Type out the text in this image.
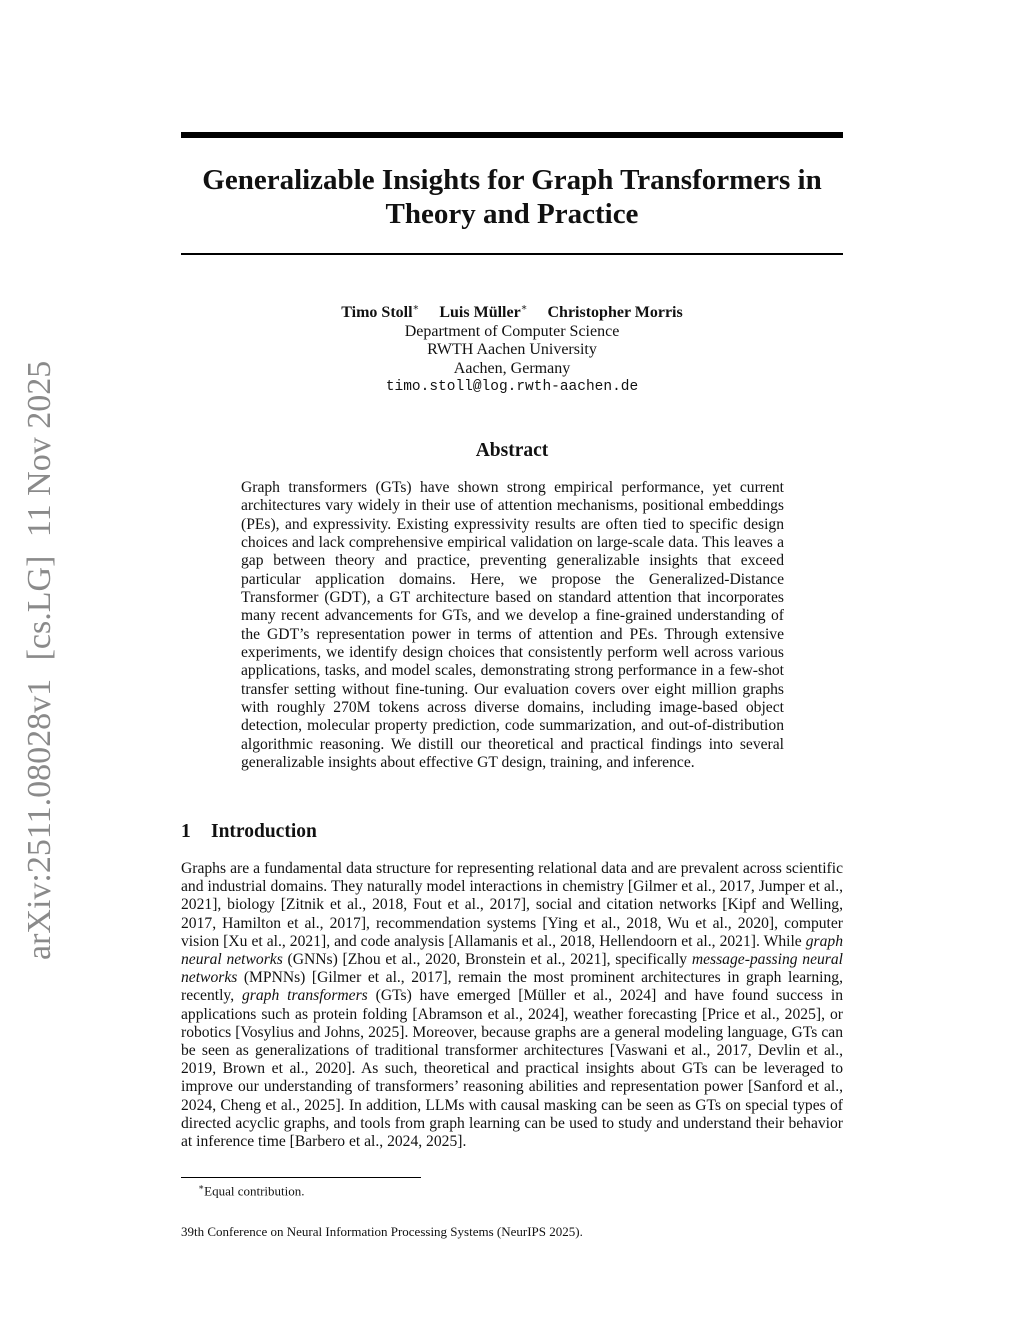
arXiv:2511.08028v1 [cs.LG] 11 Nov 2025
Generalizable Insights for Graph Transformers in Theory and Practice
Timo Stoll∗ Luis Müller∗ Christopher Morris
Department of Computer Science
RWTH Aachen University
Aachen, Germany
timo.stoll@log.rwth-aachen.de
Abstract
Graph transformers (GTs) have shown strong empirical performance, yet current architectures vary widely in their use of attention mechanisms, positional embeddings (PEs), and expressivity. Existing expressivity results are often tied to specific design choices and lack comprehensive empirical validation on large-scale data. This leaves a gap between theory and practice, preventing generalizable insights that exceed particular application domains. Here, we propose the Generalized-Distance Transformer (GDT), a GT architecture based on standard attention that incorporates many recent advancements for GTs, and we develop a fine-grained understanding of the GDT’s representation power in terms of attention and PEs. Through extensive experiments, we identify design choices that consistently perform well across various applications, tasks, and model scales, demonstrating strong performance in a few-shot transfer setting without fine-tuning. Our evaluation covers over eight million graphs with roughly 270M tokens across diverse domains, including image-based object detection, molecular property prediction, code summarization, and out-of-distribution algorithmic reasoning. We distill our theoretical and practical findings into several generalizable insights about effective GT design, training, and inference.
1 Introduction
Graphs are a fundamental data structure for representing relational data and are prevalent across scientific and industrial domains. They naturally model interactions in chemistry [Gilmer et al., 2017, Jumper et al., 2021], biology [Zitnik et al., 2018, Fout et al., 2017], social and citation networks [Kipf and Welling, 2017, Hamilton et al., 2017], recommendation systems [Ying et al., 2018, Wu et al., 2020], computer vision [Xu et al., 2021], and code analysis [Allamanis et al., 2018, Hellendoorn et al., 2021]. While graph neural networks (GNNs) [Zhou et al., 2020, Bronstein et al., 2021], specifically message-passing neural networks (MPNNs) [Gilmer et al., 2017], remain the most prominent architectures in graph learning, recently, graph transformers (GTs) have emerged [Müller et al., 2024] and have found success in applications such as protein folding [Abramson et al., 2024], weather forecasting [Price et al., 2025], or robotics [Vosylius and Johns, 2025]. Moreover, because graphs are a general modeling language, GTs can be seen as generalizations of traditional transformer architectures [Vaswani et al., 2017, Devlin et al., 2019, Brown et al., 2020]. As such, theoretical and practical insights about GTs can be leveraged to improve our understanding of transformers’ reasoning abilities and representation power [Sanford et al., 2024, Cheng et al., 2025]. In addition, LLMs with causal masking can be seen as GTs on special types of directed acyclic graphs, and tools from graph learning can be used to study and understand their behavior at inference time [Barbero et al., 2024, 2025].
∗Equal contribution.
39th Conference on Neural Information Processing Systems (NeurIPS 2025).
